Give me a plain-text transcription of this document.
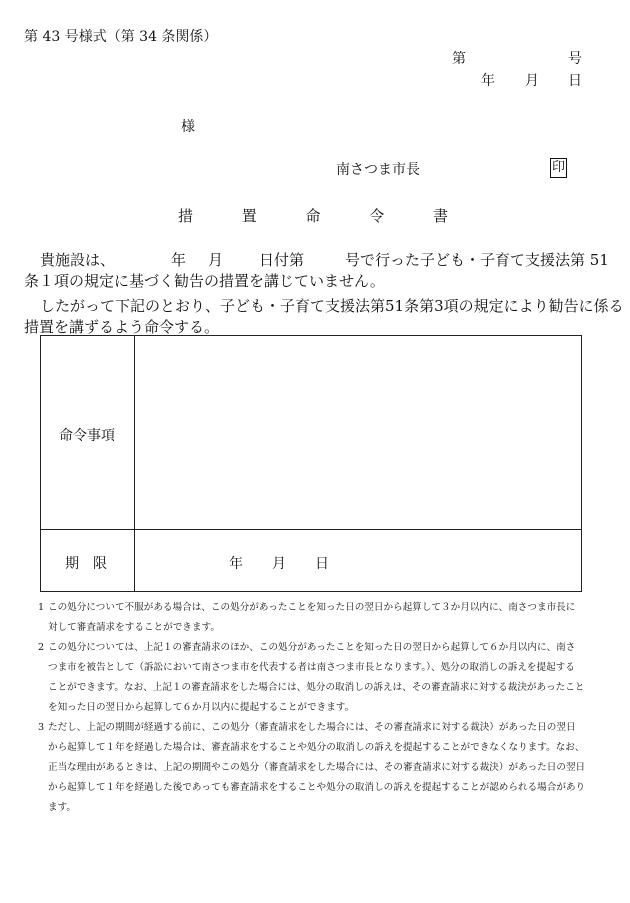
第 43 号様式（第 34 条関係）
第	号
年 月 日
様
南さつま市長	印
措	置	命	令	書
貴施設は、	年 月 日付第	号で行った子ども・子育て支援法第 51
条１項の規定に基づく勧告の措置を講じていません。
したがって下記のとおり、子ども・子育て支援法第51条第3項の規定により勧告に係る
措置を講ずるよう命令する。
命令事項
期限	年 月 日
1 この処分について不服がある場合は、この処分があったことを知った日の翌日から起算して３か月以内に、南さつま市長に
対して審査請求をすることができます。
2 この処分については、上記１の審査請求のほか、この処分があったことを知った日の翌日から起算して６か月以内に、南さ
つま市を被告として（訴訟において南さつま市を代表する者は南さつま市長となります。）、処分の取消しの訴えを提起する
ことができます。なお、上記１の審査請求をした場合には、処分の取消しの訴えは、その審査請求に対する裁決があったこと
を知った日の翌日から起算して６か月以内に提起することができます。
3 ただし、上記の期間が経過する前に、この処分（審査請求をした場合には、その審査請求に対する裁決）があった日の翌日
から起算して１年を経過した場合は、審査請求をすることや処分の取消しの訴えを提起することができなくなります。なお、
正当な理由があるときは、上記の期間やこの処分（審査請求をした場合には、その審査請求に対する裁決）があった日の翌日
から起算して１年を経過した後であっても審査請求をすることや処分の取消しの訴えを提起することが認められる場合があり
ます。
